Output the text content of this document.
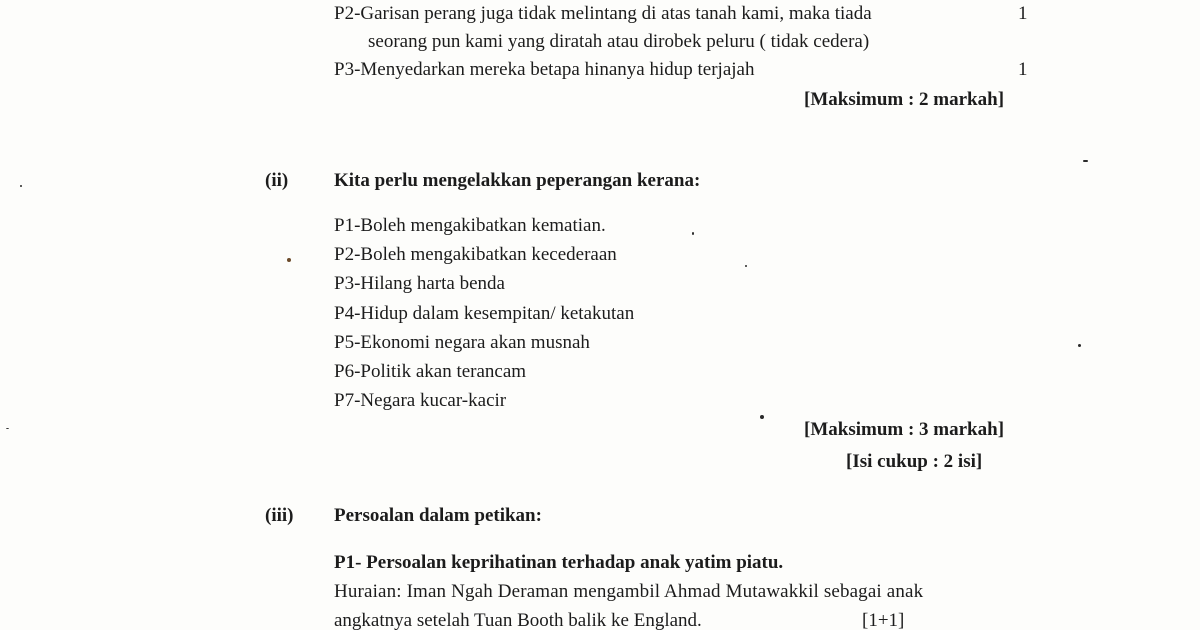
P2-Garisan perang juga tidak melintang di atas tanah kami, maka tiada	1
seorang pun kami yang diratah atau dirobek peluru ( tidak cedera)
P3-Menyedarkan mereka betapa hinanya hidup terjajah	1
[Maksimum : 2 markah]
(ii) Kita perlu mengelakkan peperangan kerana:
P1-Boleh mengakibatkan kematian.
P2-Boleh mengakibatkan kecederaan
P3-Hilang harta benda
P4-Hidup dalam kesempitan/ ketakutan
P5-Ekonomi negara akan musnah
P6-Politik akan terancam
P7-Negara kucar-kacir
[Maksimum : 3 markah]
[Isi cukup : 2 isi]
(iii) Persoalan dalam petikan:
P1- Persoalan keprihatinan terhadap anak yatim piatu.
Huraian: Iman Ngah Deraman mengambil Ahmad Mutawakkil sebagai anak
angkatnya setelah Tuan Booth balik ke England.	[1+1]
